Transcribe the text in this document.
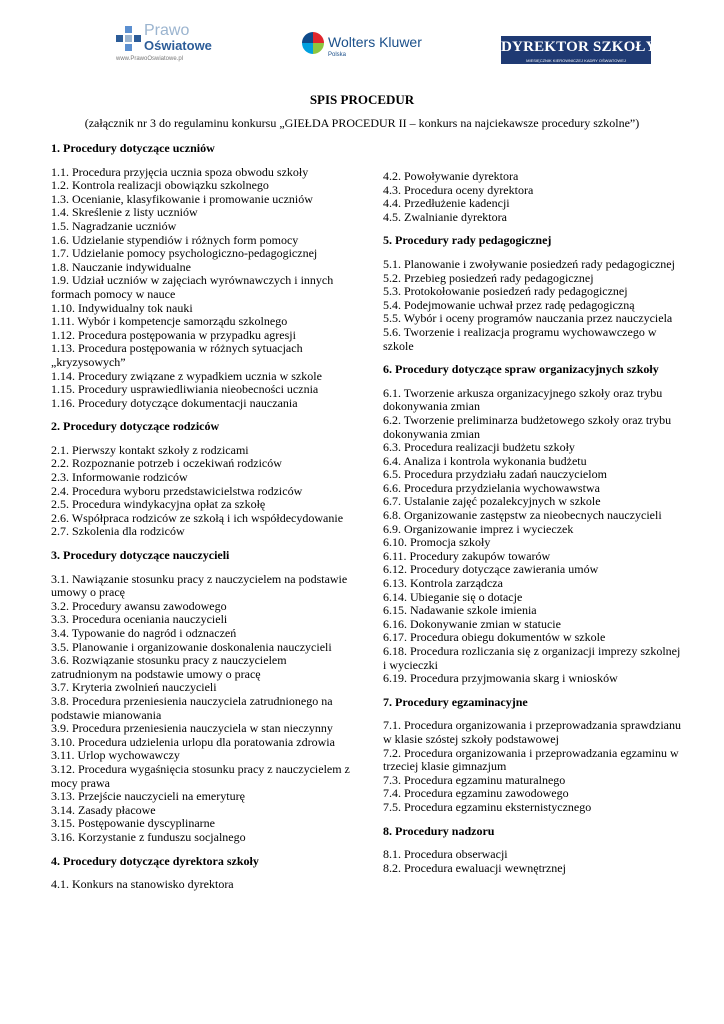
Prawo
Oświatowe
www.PrawoOswiatowe.pl
Wolters Kluwer
Polska	DYREKTOR SZKOŁY
MIESIĘCZNIK KIEROWNICZEJ KADRY OŚWIATOWEJ
SPIS PROCEDUR
(załącznik nr 3 do regulaminu konkursu „GIEŁDA PROCEDUR II – konkurs na najciekawsze procedury szkolne”)

1. Procedury dotyczące uczniów

1.1. Procedura przyjęcia ucznia spoza obwodu szkoły

1.2. Kontrola realizacji obowiązku szkolnego

1.3. Ocenianie, klasyfikowanie i promowanie uczniów

1.4. Skreślenie z listy uczniów

1.5. Nagradzanie uczniów

1.6. Udzielanie stypendiów i różnych form pomocy

1.7. Udzielanie pomocy psychologiczno-pedagogicznej

1.8. Nauczanie indywidualne

1.9. Udział uczniów w zajęciach wyrównawczych i innych formach pomocy w nauce

1.10. Indywidualny tok nauki

1.11. Wybór i kompetencje samorządu szkolnego

1.12. Procedura postępowania w przypadku agresji

1.13. Procedura postępowania w różnych sytuacjach „kryzysowych”

1.14. Procedury związane z wypadkiem ucznia w szkole

1.15. Procedury usprawiedliwiania nieobecności ucznia

1.16. Procedury dotyczące dokumentacji nauczania

2. Procedury dotyczące rodziców

2.1. Pierwszy kontakt szkoły z rodzicami

2.2. Rozpoznanie potrzeb i oczekiwań rodziców

2.3. Informowanie rodziców

2.4. Procedura wyboru przedstawicielstwa rodziców

2.5. Procedura windykacyjna opłat za szkołę

2.6. Współpraca rodziców ze szkołą i ich współdecydowanie

2.7. Szkolenia dla rodziców

3. Procedury dotyczące nauczycieli

3.1. Nawiązanie stosunku pracy z nauczycielem na podstawie umowy o pracę

3.2. Procedury awansu zawodowego

3.3. Procedura oceniania nauczycieli

3.4. Typowanie do nagród i odznaczeń

3.5. Planowanie i organizowanie doskonalenia nauczycieli

3.6. Rozwiązanie stosunku pracy z nauczycielem zatrudnionym na podstawie umowy o pracę

3.7. Kryteria zwolnień nauczycieli

3.8. Procedura przeniesienia nauczyciela zatrudnionego na podstawie mianowania

3.9. Procedura przeniesienia nauczyciela w stan nieczynny

3.10. Procedura udzielenia urlopu dla poratowania zdrowia

3.11. Urlop wychowawczy

3.12. Procedura wygaśnięcia stosunku pracy z nauczycielem z mocy prawa

3.13. Przejście nauczycieli na emeryturę

3.14. Zasady płacowe

3.15. Postępowanie dyscyplinarne

3.16. Korzystanie z funduszu socjalnego

4. Procedury dotyczące dyrektora szkoły

4.1. Konkurs na stanowisko dyrektora

4.2. Powoływanie dyrektora

4.3. Procedura oceny dyrektora

4.4. Przedłużenie kadencji

4.5. Zwalnianie dyrektora

5. Procedury rady pedagogicznej

5.1. Planowanie i zwoływanie posiedzeń rady pedagogicznej

5.2. Przebieg posiedzeń rady pedagogicznej

5.3. Protokołowanie posiedzeń rady pedagogicznej

5.4. Podejmowanie uchwał przez radę pedagogiczną

5.5. Wybór i oceny programów nauczania przez nauczyciela

5.6. Tworzenie i realizacja programu wychowawczego w szkole

6. Procedury dotyczące spraw organizacyjnych szkoły

6.1. Tworzenie arkusza organizacyjnego szkoły oraz trybu dokonywania zmian

6.2. Tworzenie preliminarza budżetowego szkoły oraz trybu dokonywania zmian

6.3. Procedura realizacji budżetu szkoły

6.4. Analiza i kontrola wykonania budżetu

6.5. Procedura przydziału zadań nauczycielom

6.6. Procedura przydzielania wychowawstwa

6.7. Ustalanie zajęć pozalekcyjnych w szkole

6.8. Organizowanie zastępstw za nieobecnych nauczycieli

6.9. Organizowanie imprez i wycieczek

6.10. Promocja szkoły

6.11. Procedury zakupów towarów

6.12. Procedury dotyczące zawierania umów

6.13. Kontrola zarządcza

6.14. Ubieganie się o dotacje

6.15. Nadawanie szkole imienia

6.16. Dokonywanie zmian w statucie

6.17. Procedura obiegu dokumentów w szkole

6.18. Procedura rozliczania się z organizacji imprezy szkolnej i wycieczki

6.19. Procedura przyjmowania skarg i wniosków

7. Procedury egzaminacyjne

7.1. Procedura organizowania i przeprowadzania sprawdzianu w klasie szóstej szkoły podstawowej

7.2. Procedura organizowania i przeprowadzania egzaminu w trzeciej klasie gimnazjum

7.3. Procedura egzaminu maturalnego

7.4. Procedura egzaminu zawodowego

7.5. Procedura egzaminu eksternistycznego

8. Procedury nadzoru

8.1. Procedura obserwacji

8.2. Procedura ewaluacji wewnętrznej
